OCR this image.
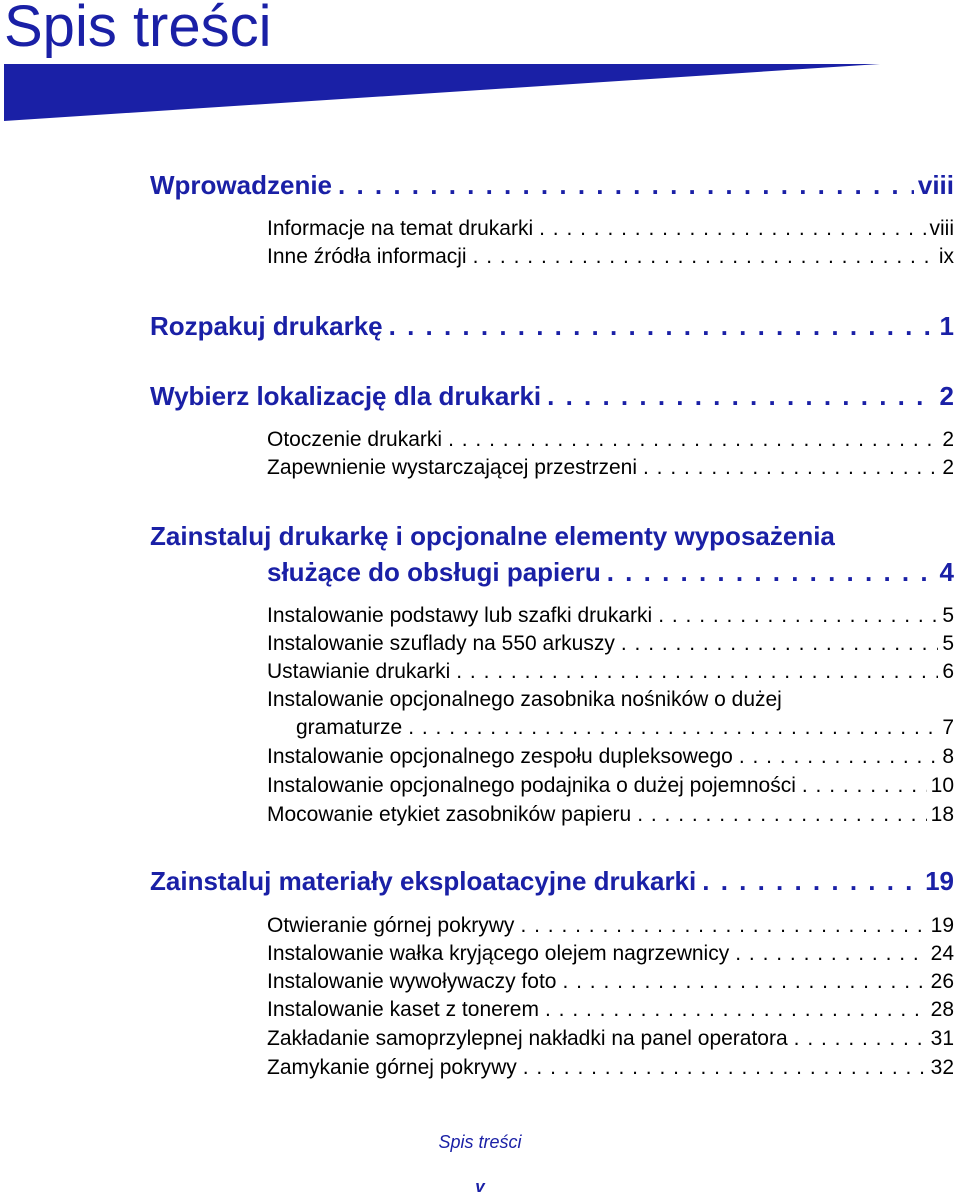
Spis treści
Wprowadzenie . . .	viii
Informacje na temat drukarki . . .	viii
Inne źródła informacji . . .	ix
Rozpakuj drukarkę . . .	1
Wybierz lokalizację dla drukarki . . .	2
Otoczenie drukarki . . .	2
Zapewnienie wystarczającej przestrzeni . . .	2
Zainstaluj drukarkę i opcjonalne elementy wyposażenia
służące do obsługi papieru . . .	4
Instalowanie podstawy lub szafki drukarki . . .	5
Instalowanie szuflady na 550 arkuszy . . .	5
Ustawianie drukarki . . .	6
Instalowanie opcjonalnego zasobnika nośników o dużej
gramaturze . . .	7
Instalowanie opcjonalnego zespołu dupleksowego . . .	8
Instalowanie opcjonalnego podajnika o dużej pojemności . . .	10
Mocowanie etykiet zasobników papieru . . .	18
Zainstaluj materiały eksploatacyjne drukarki . . .	19
Otwieranie górnej pokrywy . . .	19
Instalowanie wałka kryjącego olejem nagrzewnicy . . .	24
Instalowanie wywoływaczy foto . . .	26
Instalowanie kaset z tonerem . . .	28
Zakładanie samoprzylepnej nakładki na panel operatora . . .	31
Zamykanie górnej pokrywy . . .	32
Spis treści
v
